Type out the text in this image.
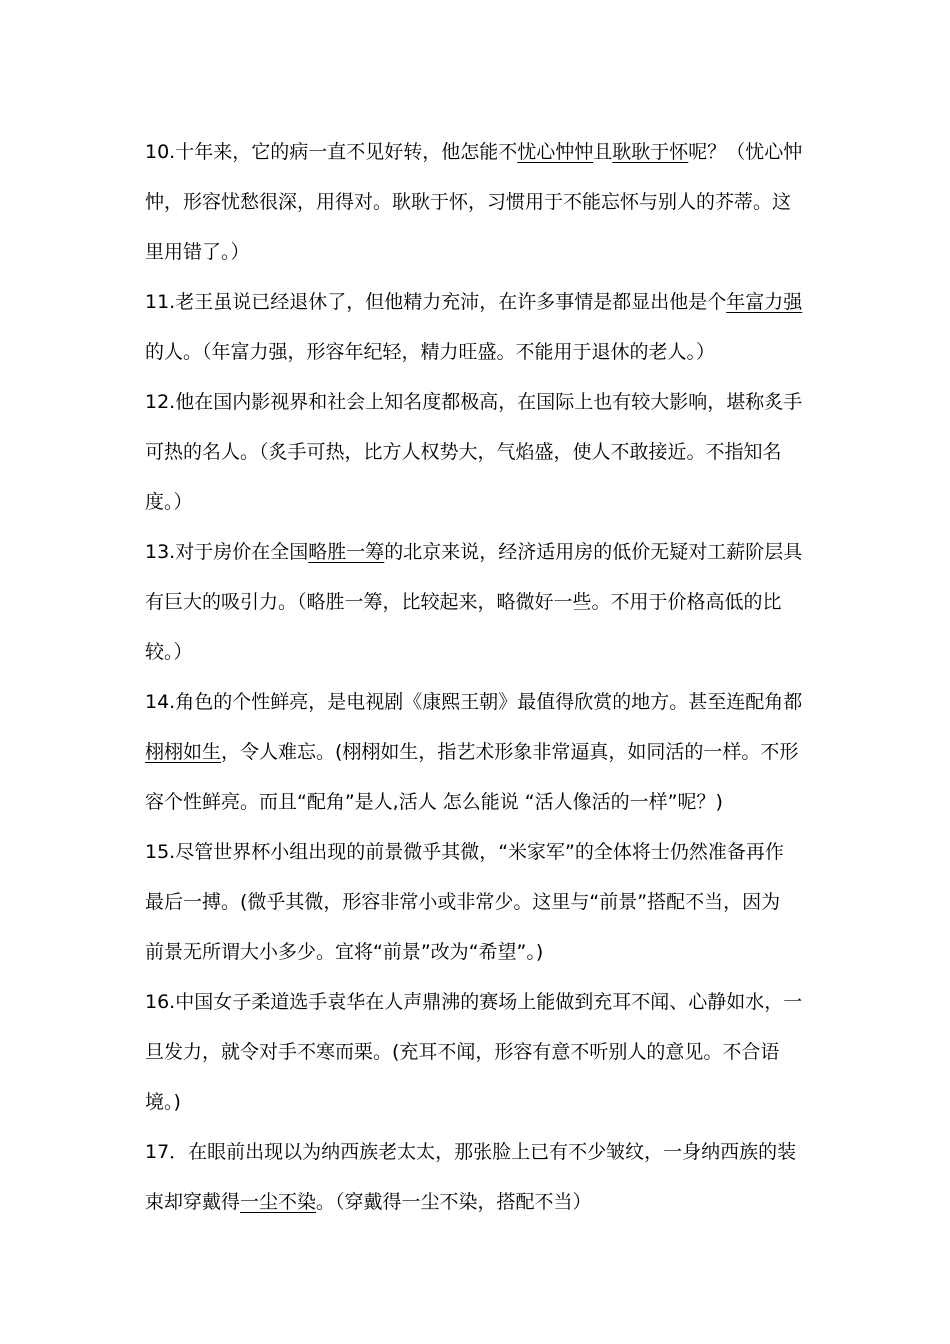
10.十年来，它的病一直不见好转，他怎能不忧心忡忡且耿耿于怀呢？（忧心忡
忡，形容忧愁很深，用得对。耿耿于怀，习惯用于不能忘怀与别人的芥蒂。这
里用错了。）
11.老王虽说已经退休了，但他精力充沛，在许多事情是都显出他是个年富力强
的人。（年富力强，形容年纪轻，精力旺盛。不能用于退休的老人。）
12.他在国内影视界和社会上知名度都极高，在国际上也有较大影响，堪称炙手
可热的名人。（炙手可热，比方人权势大，气焰盛，使人不敢接近。不指知名
度。）
13.对于房价在全国略胜一筹的北京来说，经济适用房的低价无疑对工薪阶层具
有巨大的吸引力。（略胜一筹，比较起来，略微好一些。不用于价格高低的比
较。）
14.角色的个性鲜亮，是电视剧《康熙王朝》最值得欣赏的地方。甚至连配角都
栩栩如生，令人难忘。(栩栩如生，指艺术形象非常逼真，如同活的一样。不形
容个性鲜亮。而且“配角”是人,活人 怎么能说 “活人像活的一样”呢？)
15.尽管世界杯小组出现的前景微乎其微，“米家军”的全体将士仍然准备再作
最后一搏。(微乎其微，形容非常小或非常少。这里与“前景”搭配不当，因为
前景无所谓大小多少。宜将“前景”改为“希望”。)
16.中国女子柔道选手袁华在人声鼎沸的赛场上能做到充耳不闻、心静如水，一
旦发力，就令对手不寒而栗。(充耳不闻，形容有意不听别人的意见。不合语
境。)
17．在眼前出现以为纳西族老太太，那张脸上已有不少皱纹，一身纳西族的装
束却穿戴得一尘不染。（穿戴得一尘不染，搭配不当）
